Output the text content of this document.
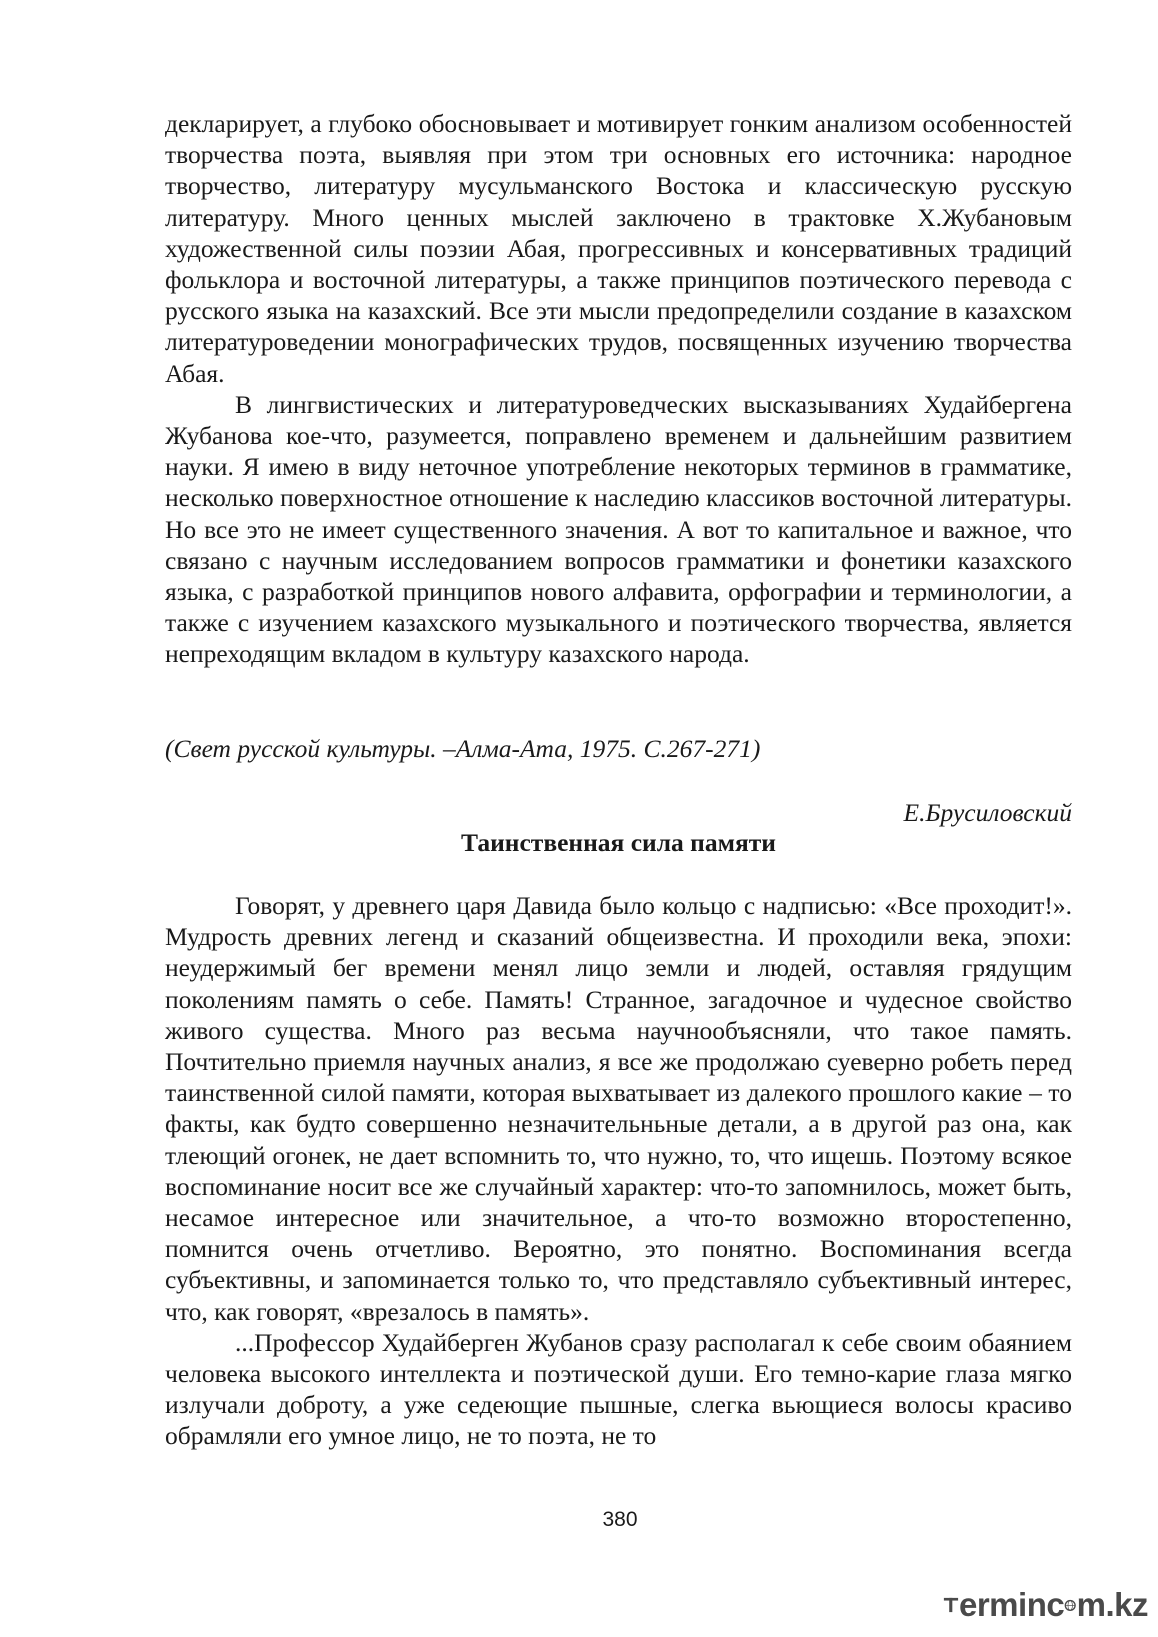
декларирует, а глубоко обосновывает и мотивирует гонким анализом особенностей творчества поэта, выявляя при этом три основных его источника: народное творчество, литературу мусульманского Востока и классическую русскую литературу. Много ценных мыслей заключено в трактовке Х.Жубановым художественной силы поэзии Абая, прогрессивных и консервативных традиций фольклора и восточной литературы, а также принципов поэтического перевода с русского языка на казахский. Все эти мысли предопределили создание в казахском литературоведении монографических трудов, посвященных изучению творчества Абая.

В лингвистических и литературоведческих высказываниях Худайбергена Жубанова кое-что, разумеется, поправлено временем и дальнейшим развитием науки. Я имею в виду неточное употребление некоторых терминов в грамматике, несколько поверхностное отношение к наследию классиков восточной литературы. Но все это не имеет существенного значения. А вот то капитальное и важное, что связано с научным исследованием вопросов грамматики и фонетики казахского языка, с разработкой принципов нового алфавита, орфографии и терминологии, а также с изучением казахского музыкального и поэтического творчества, является непреходящим вкладом в культуру казахского народа.

(Свет русской культуры. –Алма-Ата, 1975. С.267-271)
Е.Брусиловский
Таинственная сила памяти

Говорят, у древнего царя Давида было кольцо с надписью: «Все проходит!». Мудрость древних легенд и сказаний общеизвестна. И проходили века, эпохи: неудержимый бег времени менял лицо земли и людей, оставляя грядущим поколениям память о себе. Память! Странное, загадочное и чудесное свойство живого существа. Много раз весьма научнообъясняли, что такое память. Почтительно приемля научных анализ, я все же продолжаю суеверно робеть перед таинственной силой памяти, которая выхватывает из далекого прошлого какие – то факты, как будто совершенно незначительньные детали, а в другой раз она, как тлеющий огонек, не дает вспомнить то, что нужно, то, что ищешь. Поэтому всякое воспоминание носит все же случайный характер: что-то запомнилось, может быть, несамое интересное или значительное, а что-то возможно второстепенно, помнится очень отчетливо. Вероятно, это понятно. Воспоминания всегда субъективны, и запоминается только то, что представляло субъективный интерес, что, как говорят, «врезалось в память».

...Профессор Худайберген Жубанов сразу располагал к себе своим обаянием человека высокого интеллекта и поэтической души. Его темно-карие глаза мягко излучали доброту, а уже седеющие пышные, слегка вьющиеся волосы красиво обрамляли его умное лицо, не то поэта, не то

380
erminc m.kz
